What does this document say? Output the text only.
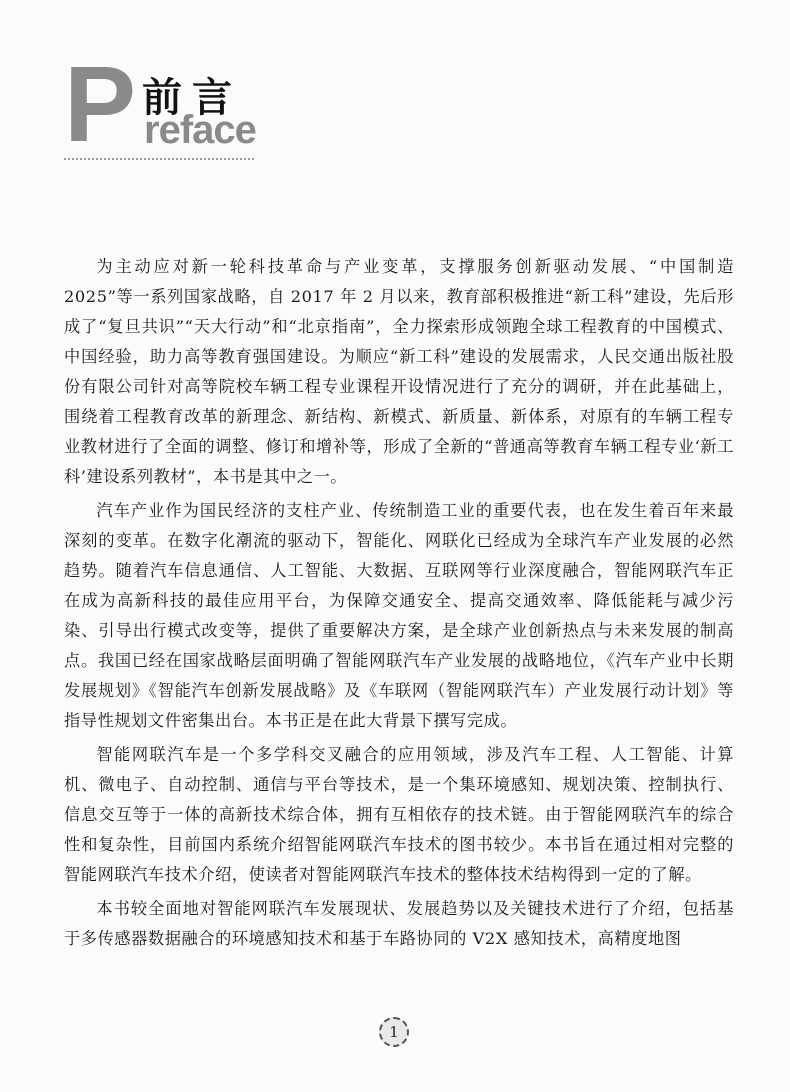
P 前言
reface

为主动应对新一轮科技革命与产业变革，支撑服务创新驱动发展、“中国制造 2025”等一系列国家战略，自 2017 年 2 月以来，教育部积极推进“新工科”建设，先后形成了“复旦共识”“天大行动”和“北京指南”，全力探索形成领跑全球工程教育的中国模式、中国经验，助力高等教育强国建设。为顺应“新工科”建设的发展需求，人民交通出版社股份有限公司针对高等院校车辆工程专业课程开设情况进行了充分的调研，并在此基础上，围绕着工程教育改革的新理念、新结构、新模式、新质量、新体系，对原有的车辆工程专业教材进行了全面的调整、修订和增补等，形成了全新的“普通高等教育车辆工程专业‘新工科’建设系列教材”，本书是其中之一。

汽车产业作为国民经济的支柱产业、传统制造工业的重要代表，也在发生着百年来最深刻的变革。在数字化潮流的驱动下，智能化、网联化已经成为全球汽车产业发展的必然趋势。随着汽车信息通信、人工智能、大数据、互联网等行业深度融合，智能网联汽车正在成为高新科技的最佳应用平台，为保障交通安全、提高交通效率、降低能耗与减少污染、引导出行模式改变等，提供了重要解决方案，是全球产业创新热点与未来发展的制高点。我国已经在国家战略层面明确了智能网联汽车产业发展的战略地位，《汽车产业中长期发展规划》《智能汽车创新发展战略》及《车联网（智能网联汽车）产业发展行动计划》等指导性规划文件密集出台。本书正是在此大背景下撰写完成。

智能网联汽车是一个多学科交叉融合的应用领域，涉及汽车工程、人工智能、计算机、微电子、自动控制、通信与平台等技术，是一个集环境感知、规划决策、控制执行、信息交互等于一体的高新技术综合体，拥有互相依存的技术链。由于智能网联汽车的综合性和复杂性，目前国内系统介绍智能网联汽车技术的图书较少。本书旨在通过相对完整的智能网联汽车技术介绍，使读者对智能网联汽车技术的整体技术结构得到一定的了解。

本书较全面地对智能网联汽车发展现状、发展趋势以及关键技术进行了介绍，包括基于多传感器数据融合的环境感知技术和基于车路协同的 V2X 感知技术，高精度地图

1
